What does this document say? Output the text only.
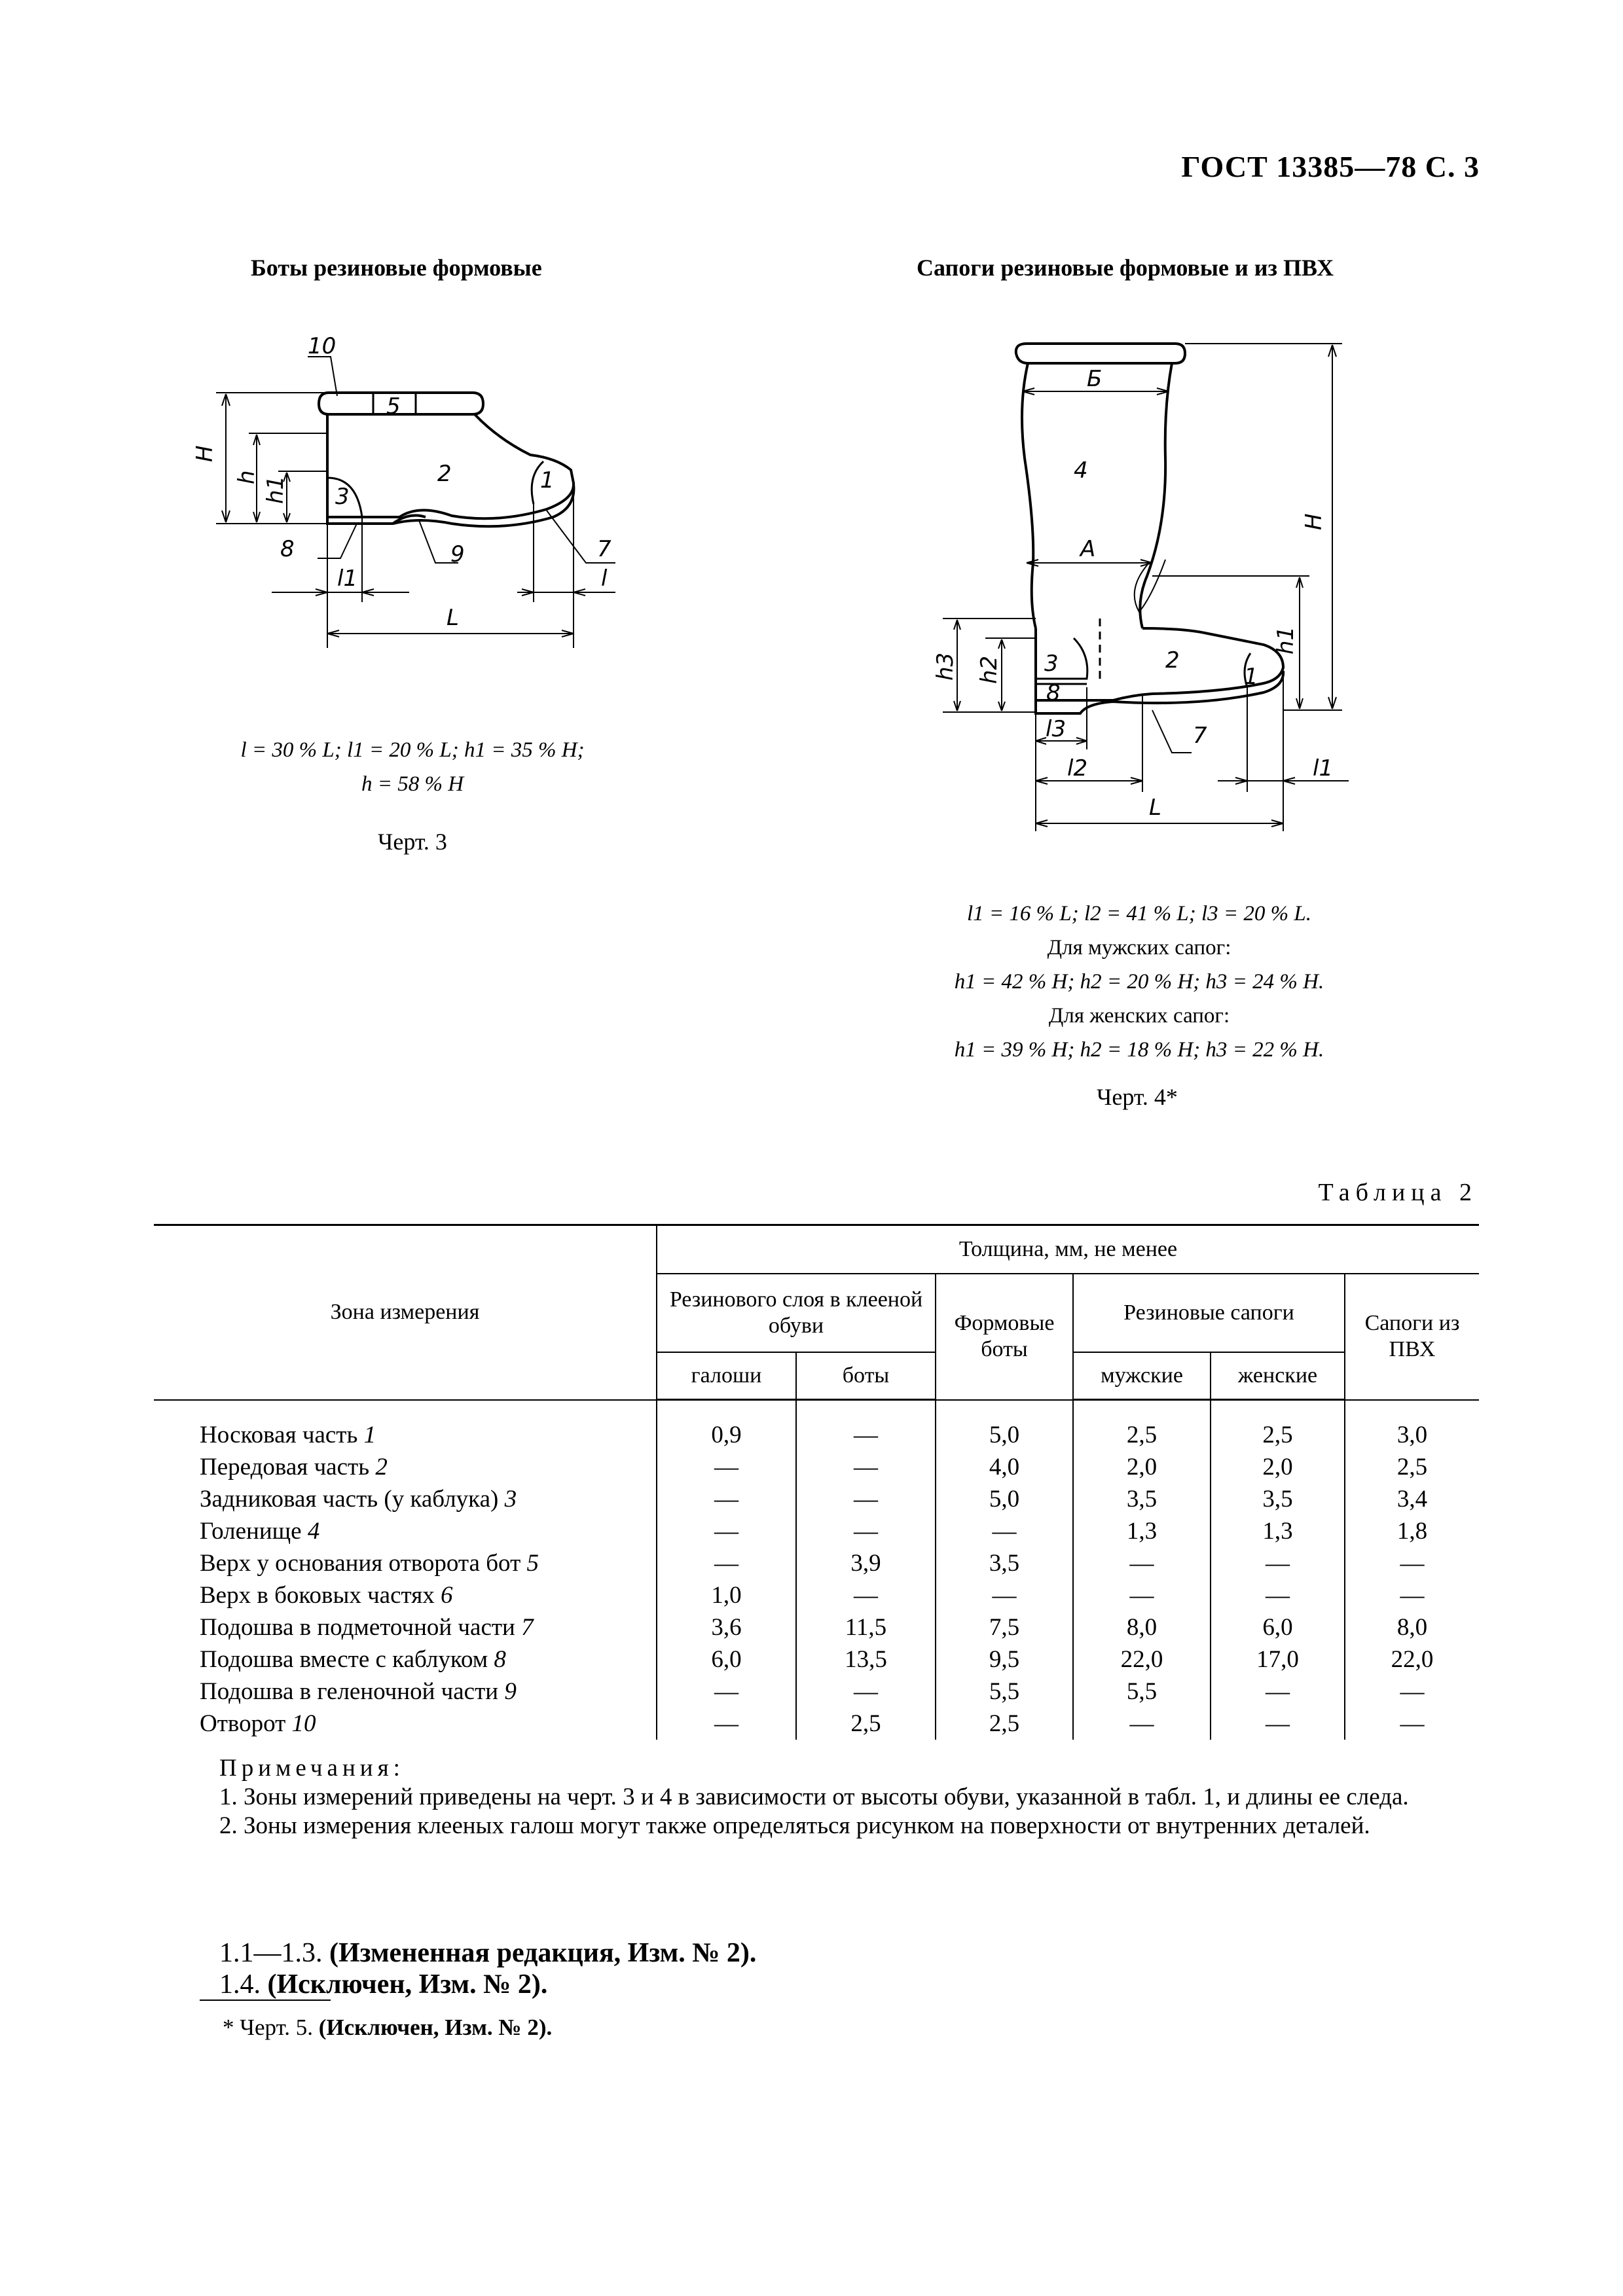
ГОСТ 13385—78 С. 3
Боты резиновые формовые	Сапоги резиновые формовые и из ПВХ
10
5
2
3
1
8	9	7
H
h h1
l1	l
L
l = 30 % L; l1 = 20 % L; h1 = 35 % H;
h = 58 % H
Черт. 3
Б
4
A
2
3
8
1
7
H
h1
h3 h2
l3
l2	l1
L
l1 = 16 % L; l2 = 41 % L; l3 = 20 % L.
Для мужских сапог:
h1 = 42 % H; h2 = 20 % H; h3 = 24 % H.
Для женских сапог:
h1 = 39 % H; h2 = 18 % H; h3 = 22 % H.
Черт. 4*
Таблица 2
Зона измерения	Толщина, мм, не менее					
	Резинового слоя в клееной обуви		Формовые боты	Резиновые сапоги		Сапоги из ПВХ
	галоши	боты		мужские	женские	
Носковая часть 1	0,9	—	5,0	2,5	2,5	3,0
Передовая часть 2	—	—	4,0	2,0	2,0	2,5
Задниковая часть (у каблука) 3	—	—	5,0	3,5	3,5	3,4
Голенище 4	—	—	—	1,3	1,3	1,8
Верх у основания отворота бот 5	—	3,9	3,5	—	—	—
Верх в боковых частях 6	1,0	—	—	—	—	—
Подошва в подметочной части 7	3,6	11,5	7,5	8,0	6,0	8,0
Подошва вместе с каблуком 8	6,0	13,5	9,5	22,0	17,0	22,0
Подошва в геленочной части 9	—	—	5,5	5,5	—	—
Отворот 10	—	2,5	2,5	—	—	—

Примечания:

1. Зоны измерений приведены на черт. 3 и 4 в зависимости от высоты обуви, указанной в табл. 1, и длины ее следа.

2. Зоны измерения клееных галош могут также определяться рисунком на поверхности от внутренних деталей.

1.1—1.3. (Измененная редакция, Изм. № 2).
1.4. (Исключен, Изм. № 2).
* Черт. 5. (Исключен, Изм. № 2).
